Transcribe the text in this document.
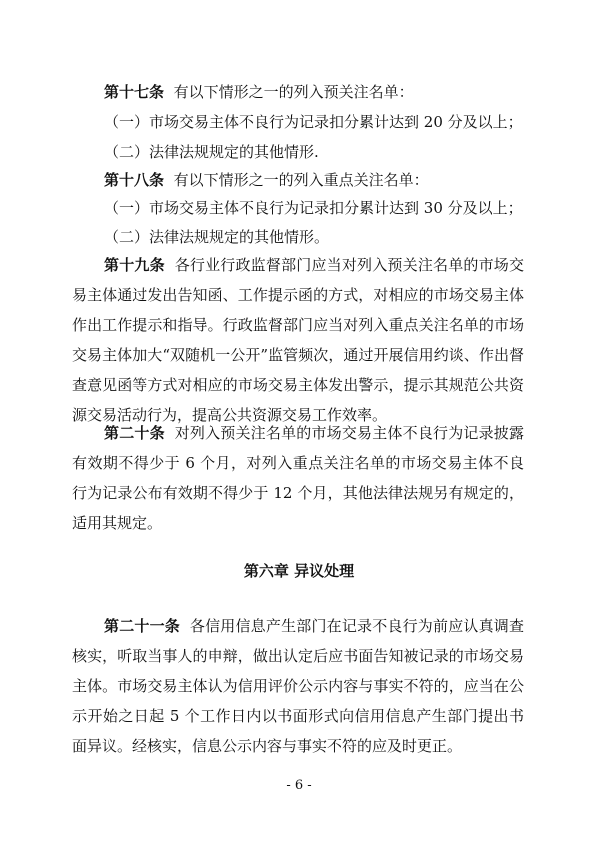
第十七条 有以下情形之一的列入预关注名单：

（一）市场交易主体不良行为记录扣分累计达到 20 分及以上；

（二）法律法规规定的其他情形.

第十八条 有以下情形之一的列入重点关注名单：

（一）市场交易主体不良行为记录扣分累计达到 30 分及以上；

（二）法律法规规定的其他情形。

第十九条 各行业行政监督部门应当对列入预关注名单的市场交易主体通过发出告知函、工作提示函的方式，对相应的市场交易主体作出工作提示和指导。行政监督部门应当对列入重点关注名单的市场交易主体加大“双随机一公开”监管频次，通过开展信用约谈、作出督查意见函等方式对相应的市场交易主体发出警示，提示其规范公共资源交易活动行为，提高公共资源交易工作效率。

第二十条 对列入预关注名单的市场交易主体不良行为记录披露有效期不得少于 6 个月，对列入重点关注名单的市场交易主体不良行为记录公布有效期不得少于 12 个月，其他法律法规另有规定的，适用其规定。

第六章 异议处理

第二十一条 各信用信息产生部门在记录不良行为前应认真调查核实，听取当事人的申辩，做出认定后应书面告知被记录的市场交易主体。市场交易主体认为信用评价公示内容与事实不符的，应当在公示开始之日起 5 个工作日内以书面形式向信用信息产生部门提出书面异议。经核实，信息公示内容与事实不符的应及时更正。

- 6 -
